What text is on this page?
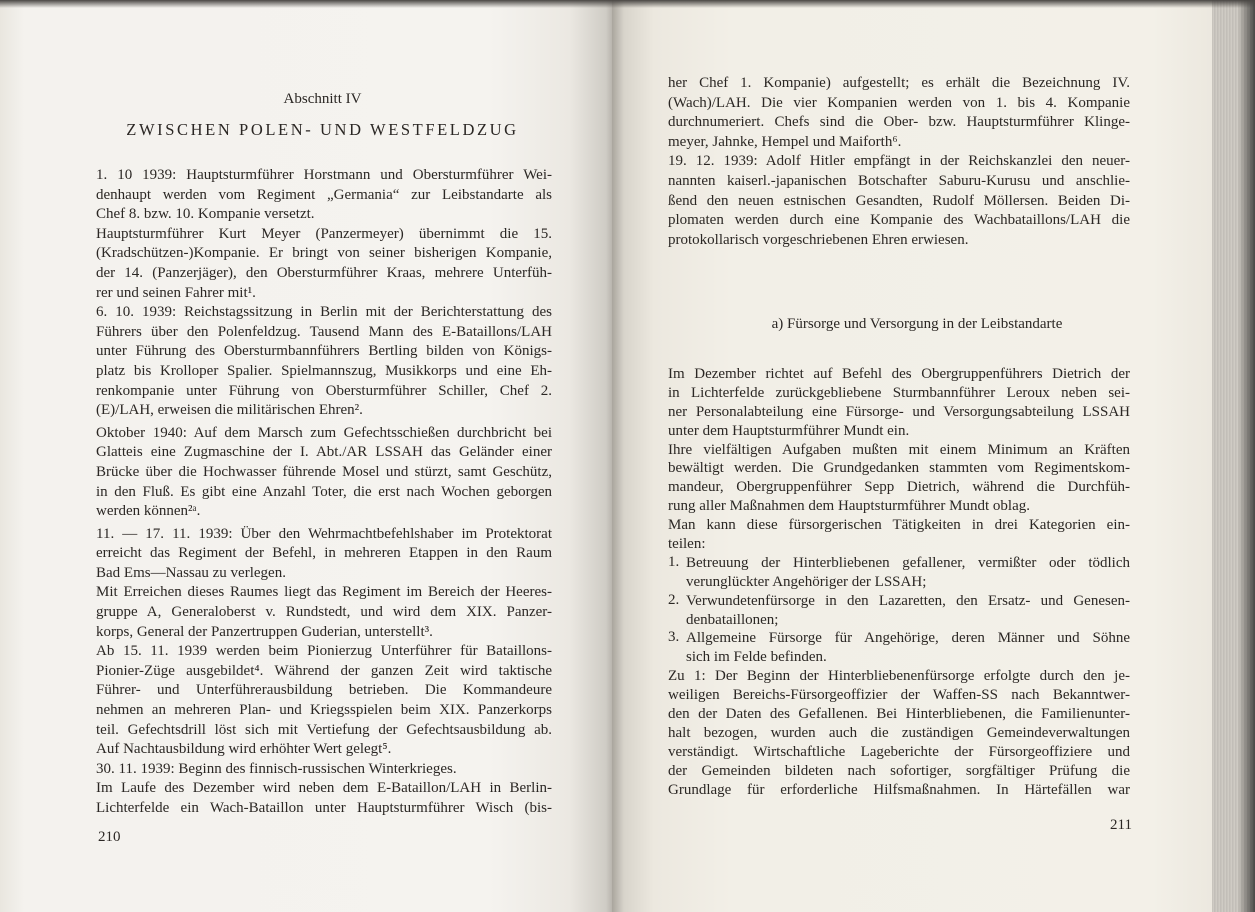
Abschnitt IV
ZWISCHEN POLEN- UND WESTFELDZUG
1. 10 1939: Hauptsturmführer Horstmann und Obersturmführer Wei-
denhaupt werden vom Regiment „Germania“ zur Leibstandarte als
Chef 8. bzw. 10. Kompanie versetzt.
Hauptsturmführer Kurt Meyer (Panzermeyer) übernimmt die 15.
(Kradschützen-)Kompanie. Er bringt von seiner bisherigen Kompanie,
der 14. (Panzerjäger), den Obersturmführer Kraas, mehrere Unterfüh-
rer und seinen Fahrer mit¹.
6. 10. 1939: Reichstagssitzung in Berlin mit der Berichterstattung des
Führers über den Polenfeldzug. Tausend Mann des E-Bataillons/LAH
unter Führung des Obersturmbannführers Bertling bilden von Königs-
platz bis Krolloper Spalier. Spielmannszug, Musikkorps und eine Eh-
renkompanie unter Führung von Obersturmführer Schiller, Chef 2.
(E)/LAH, erweisen die militärischen Ehren².
Oktober 1940: Auf dem Marsch zum Gefechtsschießen durchbricht bei
Glatteis eine Zugmaschine der I. Abt./AR LSSAH das Geländer einer
Brücke über die Hochwasser führende Mosel und stürzt, samt Geschütz,
in den Fluß. Es gibt eine Anzahl Toter, die erst nach Wochen geborgen
werden können²ᵃ.
11. — 17. 11. 1939: Über den Wehrmachtbefehlshaber im Protektorat
erreicht das Regiment der Befehl, in mehreren Etappen in den Raum
Bad Ems—Nassau zu verlegen.
Mit Erreichen dieses Raumes liegt das Regiment im Bereich der Heeres-
gruppe A, Generaloberst v. Rundstedt, und wird dem XIX. Panzer-
korps, General der Panzertruppen Guderian, unterstellt³.
Ab 15. 11. 1939 werden beim Pionierzug Unterführer für Bataillons-
Pionier-Züge ausgebildet⁴. Während der ganzen Zeit wird taktische
Führer- und Unterführerausbildung betrieben. Die Kommandeure
nehmen an mehreren Plan- und Kriegsspielen beim XIX. Panzerkorps
teil. Gefechtsdrill löst sich mit Vertiefung der Gefechtsausbildung ab.
Auf Nachtausbildung wird erhöhter Wert gelegt⁵.
30. 11. 1939: Beginn des finnisch-russischen Winterkrieges.
Im Laufe des Dezember wird neben dem E-Bataillon/LAH in Berlin-
Lichterfelde ein Wach-Bataillon unter Hauptsturmführer Wisch (bis-
210
her Chef 1. Kompanie) aufgestellt; es erhält die Bezeichnung IV.
(Wach)/LAH. Die vier Kompanien werden von 1. bis 4. Kompanie
durchnumeriert. Chefs sind die Ober- bzw. Hauptsturmführer Klinge-
meyer, Jahnke, Hempel und Maiforth⁶.
19. 12. 1939: Adolf Hitler empfängt in der Reichskanzlei den neuer-
nannten kaiserl.-japanischen Botschafter Saburu-Kurusu und anschlie-
ßend den neuen estnischen Gesandten, Rudolf Möllersen. Beiden Di-
plomaten werden durch eine Kompanie des Wachbataillons/LAH die
protokollarisch vorgeschriebenen Ehren erwiesen.
a) Fürsorge und Versorgung in der Leibstandarte
Im Dezember richtet auf Befehl des Obergruppenführers Dietrich der
in Lichterfelde zurückgebliebene Sturmbannführer Leroux neben sei-
ner Personalabteilung eine Fürsorge- und Versorgungsabteilung LSSAH
unter dem Hauptsturmführer Mundt ein.
Ihre vielfältigen Aufgaben mußten mit einem Minimum an Kräften
bewältigt werden. Die Grundgedanken stammten vom Regimentskom-
mandeur, Obergruppenführer Sepp Dietrich, während die Durchfüh-
rung aller Maßnahmen dem Hauptsturmführer Mundt oblag.
Man kann diese fürsorgerischen Tätigkeiten in drei Kategorien ein-
teilen:
1. Betreuung der Hinterbliebenen gefallener, vermißter oder tödlich
verunglückter Angehöriger der LSSAH;
2. Verwundetenfürsorge in den Lazaretten, den Ersatz- und Genesen-
denbataillonen;
3. Allgemeine Fürsorge für Angehörige, deren Männer und Söhne
sich im Felde befinden.
Zu 1: Der Beginn der Hinterbliebenenfürsorge erfolgte durch den je-
weiligen Bereichs-Fürsorgeoffizier der Waffen-SS nach Bekanntwer-
den der Daten des Gefallenen. Bei Hinterbliebenen, die Familienunter-
halt bezogen, wurden auch die zuständigen Gemeindeverwaltungen
verständigt. Wirtschaftliche Lageberichte der Fürsorgeoffiziere und
der Gemeinden bildeten nach sofortiger, sorgfältiger Prüfung die
Grundlage für erforderliche Hilfsmaßnahmen. In Härtefällen war
211
